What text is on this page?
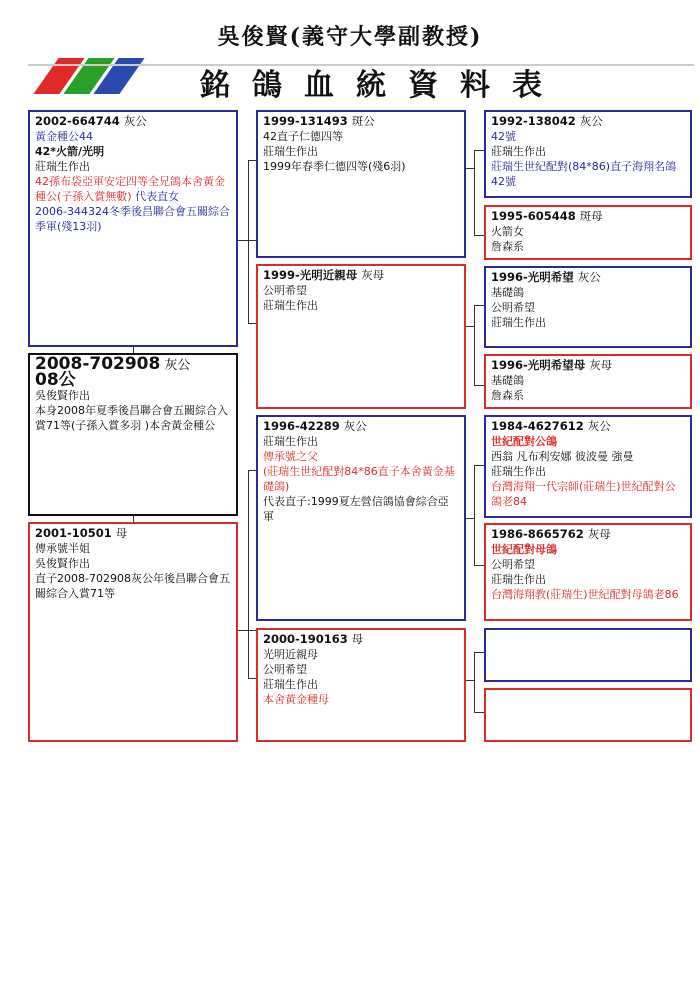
吳俊賢(義守大學副教授)
銘鴿血統資料表
2002-664744 灰公
黃金種公44
42*火箭/光明
莊瑞生作出
42孫布袋亞軍安定四等全兄鴿本舍黃金種公(子孫入賞無數) 代表直女
2006-344324冬季後昌聯合會五關綜合季軍(殘13羽)
2008-702908 灰公
08公
吳俊賢作出
本身2008年夏季後昌聯合會五關綜合入賞71等(子孫入賞多羽 )本舍黃金種公
2001-10501 母
傳承號半姐
吳俊賢作出
直子2008-702908灰公年後昌聯合會五關綜合入賞71等
1999-131493 斑公
42直子仁德四等
莊瑞生作出
1999年春季仁德四等(殘6羽)
1999-光明近親母 灰母
公明希望
莊瑞生作出
1996-42289 灰公
莊瑞生作出
傳承號之父
(莊瑞生世紀配對84*86直子本舍黃金基礎鴿)
代表直子:1999夏左營信鴿協會綜合亞軍
2000-190163 母
光明近親母
公明希望
莊瑞生作出
本舍黃金種母
1992-138042 灰公
42號
莊瑞生作出
莊瑞生世紀配對(84*86)直子海翔名鴿42號
1995-605448 斑母
火箭女
詹森系
1996-光明希望 灰公
基礎鴿
公明希望
莊瑞生作出
1996-光明希望母 灰母
基礎鴿
詹森系
1984-4627612 灰公
世紀配對公鴿
西翁 凡布利安娜 彼波曼 強曼
莊瑞生作出
台灣海翔一代宗師(莊瑞生)世紀配對公鴿老84
1986-8665762 灰母
世紀配對母鴿
公明希望
莊瑞生作出
台灣海翔教(莊瑞生)世紀配對母鴿老86
